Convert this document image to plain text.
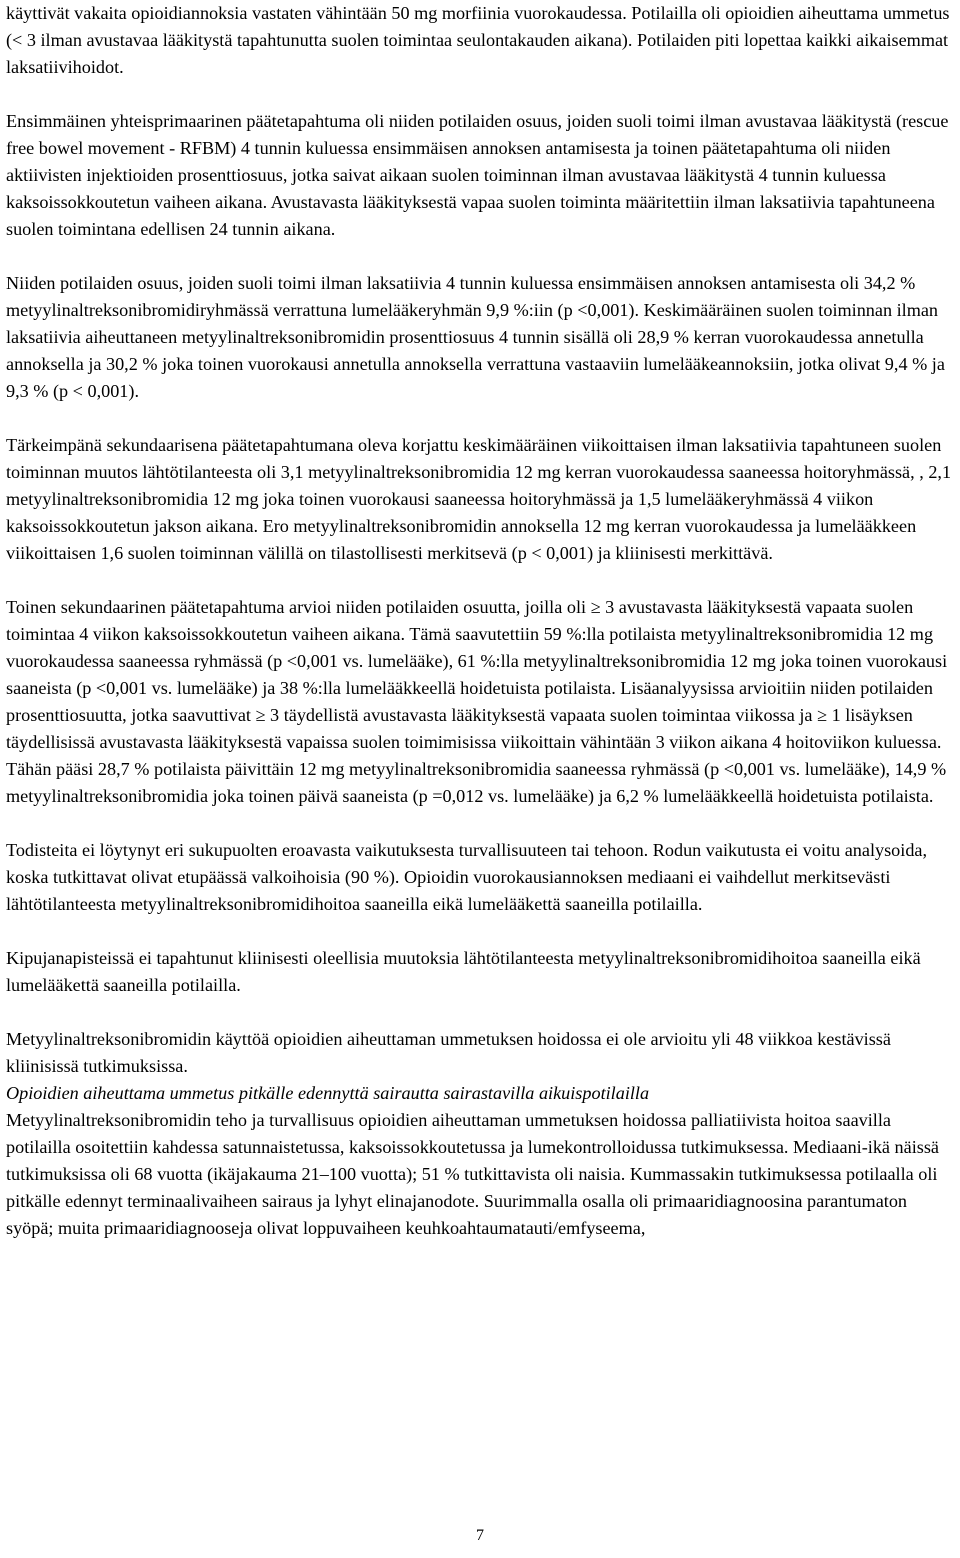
käyttivät vakaita opioidiannoksia vastaten vähintään 50 mg morfiinia vuorokaudessa. Potilailla oli opioidien aiheuttama ummetus (< 3 ilman avustavaa lääkitystä tapahtunutta suolen toimintaa seulontakauden aikana). Potilaiden piti lopettaa kaikki aikaisemmat laksatiivihoidot.

Ensimmäinen yhteisprimaarinen päätetapahtuma oli niiden potilaiden osuus, joiden suoli toimi ilman avustavaa lääkitystä (rescue free bowel movement - RFBM) 4 tunnin kuluessa ensimmäisen annoksen antamisesta ja toinen päätetapahtuma oli niiden aktiivisten injektioiden prosenttiosuus, jotka saivat aikaan suolen toiminnan ilman avustavaa lääkitystä 4 tunnin kuluessa kaksoissokkoutetun vaiheen aikana. Avustavasta lääkityksestä vapaa suolen toiminta määritettiin ilman laksatiivia tapahtuneena suolen toimintana edellisen 24 tunnin aikana.

Niiden potilaiden osuus, joiden suoli toimi ilman laksatiivia 4 tunnin kuluessa ensimmäisen annoksen antamisesta oli 34,2 % metyylinaltreksonibromidiryhmässä verrattuna lumelääkeryhmän 9,9 %:iin (p <0,001). Keskimääräinen suolen toiminnan ilman laksatiivia aiheuttaneen metyylinaltreksonibromidin prosenttiosuus 4 tunnin sisällä oli 28,9 % kerran vuorokaudessa annetulla annoksella ja 30,2 % joka toinen vuorokausi annetulla annoksella verrattuna vastaaviin lumelääkeannoksiin, jotka olivat 9,4 % ja 9,3 % (p < 0,001).

Tärkeimpänä sekundaarisena päätetapahtumana oleva korjattu keskimääräinen viikoittaisen ilman laksatiivia tapahtuneen suolen toiminnan muutos lähtötilanteesta oli 3,1 metyylinaltreksonibromidia 12 mg kerran vuorokaudessa saaneessa hoitoryhmässä, , 2,1 metyylinaltreksonibromidia 12 mg joka toinen vuorokausi saaneessa hoitoryhmässä ja 1,5 lumelääkeryhmässä 4 viikon kaksoissokkoutetun jakson aikana. Ero metyylinaltreksonibromidin annoksella 12 mg kerran vuorokaudessa ja lumelääkkeen viikoittaisen 1,6 suolen toiminnan välillä on tilastollisesti merkitsevä (p < 0,001) ja kliinisesti merkittävä.

Toinen sekundaarinen päätetapahtuma arvioi niiden potilaiden osuutta, joilla oli ≥ 3 avustavasta lääkityksestä vapaata suolen toimintaa 4 viikon kaksoissokkoutetun vaiheen aikana. Tämä saavutettiin 59 %:lla potilaista metyylinaltreksonibromidia 12 mg vuorokaudessa saaneessa ryhmässä (p <0,001 vs. lumelääke), 61 %:lla metyylinaltreksonibromidia 12 mg joka toinen vuorokausi saaneista (p <0,001 vs. lumelääke) ja 38 %:lla lumelääkkeellä hoidetuista potilaista. Lisäanalyysissa arvioitiin niiden potilaiden prosenttiosuutta, jotka saavuttivat ≥ 3 täydellistä avustavasta lääkityksestä vapaata suolen toimintaa viikossa ja ≥ 1 lisäyksen täydellisissä avustavasta lääkityksestä vapaissa suolen toimimisissa viikoittain vähintään 3 viikon aikana 4 hoitoviikon kuluessa. Tähän pääsi 28,7 % potilaista päivittäin 12 mg metyylinaltreksonibromidia saaneessa ryhmässä (p <0,001 vs. lumelääke), 14,9 % metyylinaltreksonibromidia joka toinen päivä saaneista (p =0,012 vs. lumelääke) ja 6,2 % lumelääkkeellä hoidetuista potilaista.

Todisteita ei löytynyt eri sukupuolten eroavasta vaikutuksesta turvallisuuteen tai tehoon. Rodun vaikutusta ei voitu analysoida, koska tutkittavat olivat etupäässä valkoihoisia (90 %). Opioidin vuorokausiannoksen mediaani ei vaihdellut merkitsevästi lähtötilanteesta metyylinaltreksonibromidihoitoa saaneilla eikä lumelääkettä saaneilla potilailla.

Kipujanapisteissä ei tapahtunut kliinisesti oleellisia muutoksia lähtötilanteesta metyylinaltreksonibromidihoitoa saaneilla eikä lumelääkettä saaneilla potilailla.

Metyylinaltreksonibromidin käyttöä opioidien aiheuttaman ummetuksen hoidossa ei ole arvioitu yli 48 viikkoa kestävissä kliinisissä tutkimuksissa.

Opioidien aiheuttama ummetus pitkälle edennyttä sairautta sairastavilla aikuispotilailla

Metyylinaltreksonibromidin teho ja turvallisuus opioidien aiheuttaman ummetuksen hoidossa palliatiivista hoitoa saavilla potilailla osoitettiin kahdessa satunnaistetussa, kaksoissokkoutetussa ja lumekontrolloidussa tutkimuksessa. Mediaani-ikä näissä tutkimuksissa oli 68 vuotta (ikäjakauma 21–100 vuotta); 51 % tutkittavista oli naisia. Kummassakin tutkimuksessa potilaalla oli pitkälle edennyt terminaalivaiheen sairaus ja lyhyt elinajanodote. Suurimmalla osalla oli primaaridiagnoosina parantumaton syöpä; muita primaaridiagnooseja olivat loppuvaiheen keuhkoahtaumatauti/emfyseema,

7
